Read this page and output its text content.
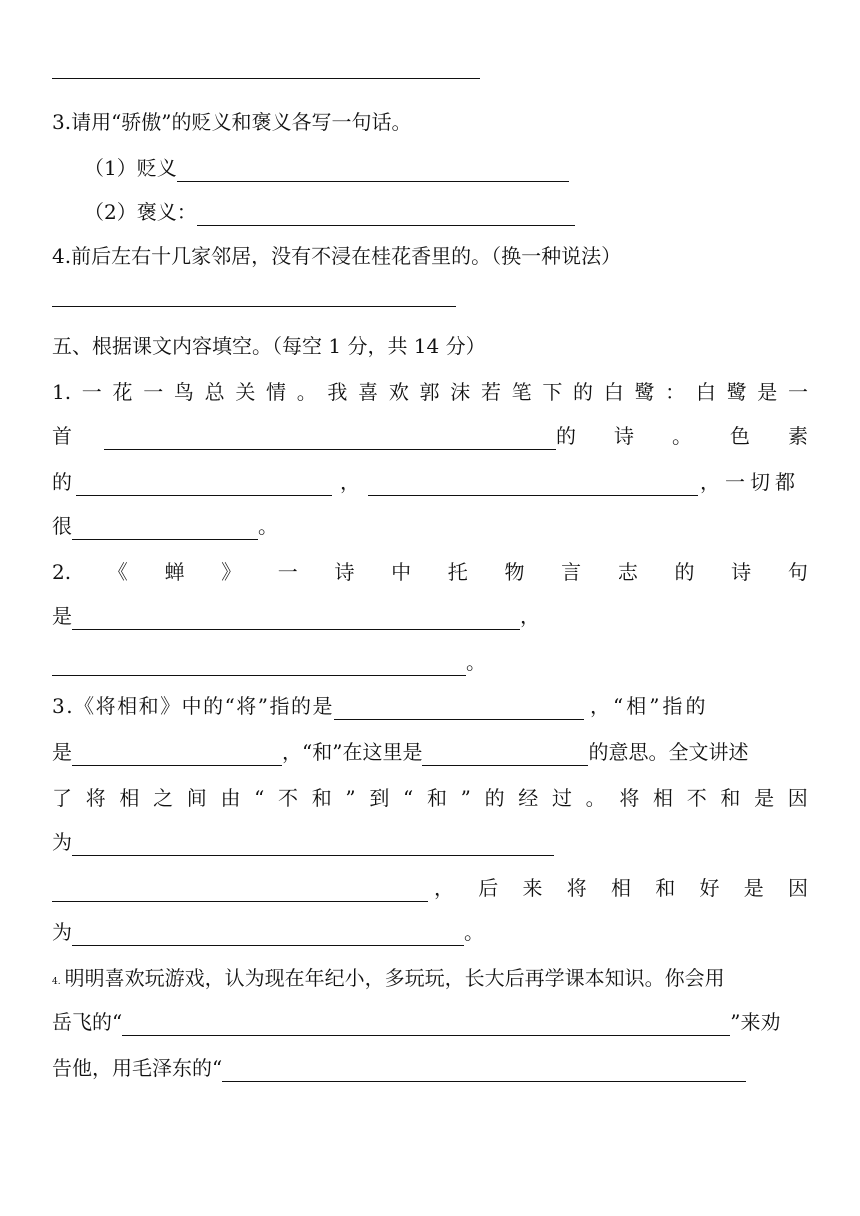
3.请用“骄傲”的贬义和褒义各写一句话。
（1）贬义
（2）褒义：
4.前后左右十几家邻居，没有不浸在桂花香里的。（换一种说法）
五、根据课文内容填空。（每空 1 分，共 14 分）
1. 一 花 一 鸟 总 关 情 。 我 喜 欢 郭 沫 若 笔 下 的 白 鹭 ： 白 鹭 是 一
首	的 诗 。 色 素
的	，	，一切都
很	。
2. 《 蝉 》 一 诗 中 托 物 言 志 的 诗 句
是	，
。
3.《将相和》中的“将”指的是	，“相”指的
是	，“和”在这里是	的意思。全文讲述
了 将 相 之 间 由 “ 不 和 ” 到 “ 和 ” 的 经 过 。 将 相 不 和 是 因
为
， 后 来 将 相 和 好 是 因
为	。
4. 明明喜欢玩游戏，认为现在年纪小，多玩玩，长大后再学课本知识。你会用
岳飞的“	”来劝
告他，用毛泽东的“
